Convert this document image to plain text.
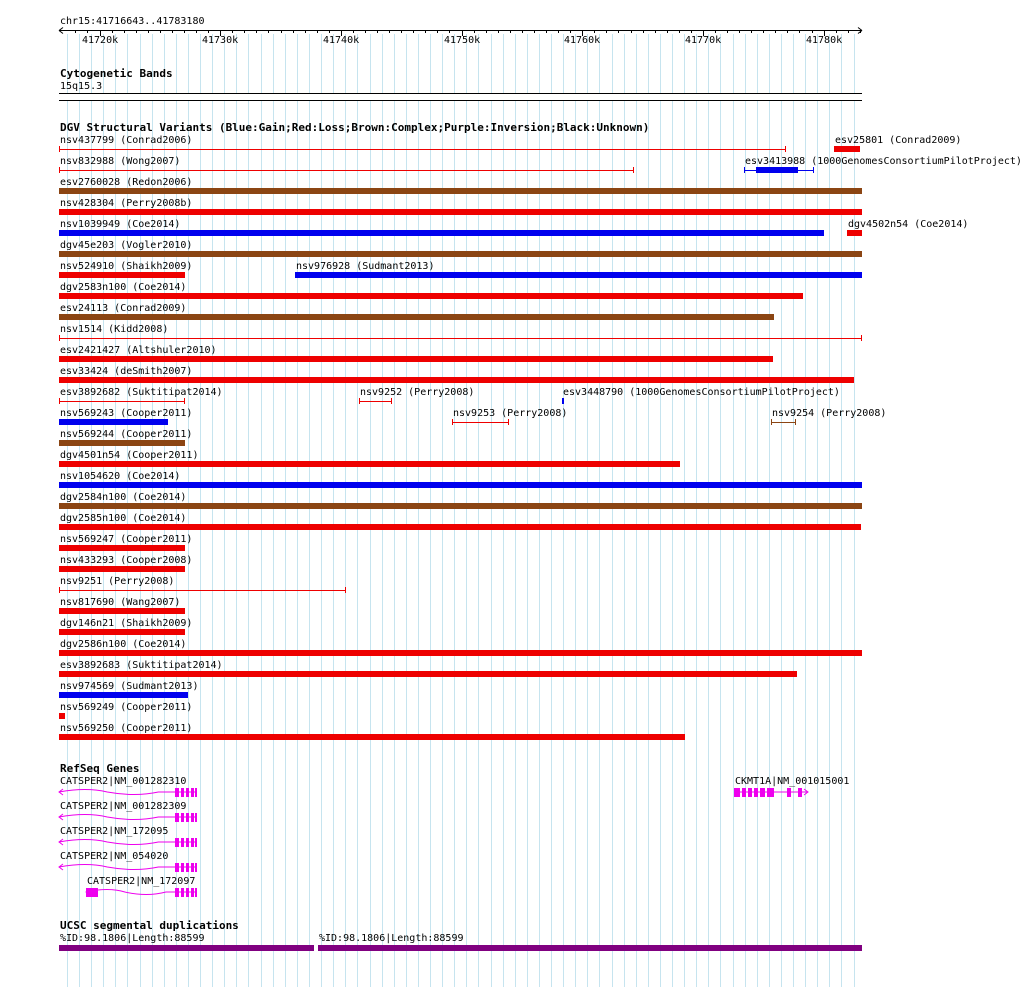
chr15:41716643..41783180
Cytogenetic Bands
15q15.3
DGV Structural Variants (Blue:Gain;Red:Loss;Brown:Complex;Purple:Inversion;Black:Unknown)
nsv437799 (Conrad2006)	esv25801 (Conrad2009)
nsv832988 (Wong2007)	esv3413988 (1000GenomesConsortiumPilotProject)
esv2760028 (Redon2006)
nsv428304 (Perry2008b)
nsv1039949 (Coe2014)	dgv4502n54 (Coe2014)
dgv45e203 (Vogler2010)
nsv524910 (Shaikh2009)	nsv976928 (Sudmant2013)
dgv2583n100 (Coe2014)
esv24113 (Conrad2009)
nsv1514 (Kidd2008)
esv2421427 (Altshuler2010)
esv33424 (deSmith2007)
esv3892682 (Suktitipat2014)	nsv9252 (Perry2008)	esv3448790 (1000GenomesConsortiumPilotProject)
nsv569243 (Cooper2011)	nsv9253 (Perry2008)	nsv9254 (Perry2008)
nsv569244 (Cooper2011)
dgv4501n54 (Cooper2011)
nsv1054620 (Coe2014)
dgv2584n100 (Coe2014)
dgv2585n100 (Coe2014)
nsv569247 (Cooper2011)
nsv433293 (Cooper2008)
nsv9251 (Perry2008)
nsv817690 (Wang2007)
dgv146n21 (Shaikh2009)
dgv2586n100 (Coe2014)
esv3892683 (Suktitipat2014)
nsv974569 (Sudmant2013)
nsv569249 (Cooper2011)
nsv569250 (Cooper2011)
RefSeq Genes
CATSPER2|NM_001282310
CATSPER2|NM_001282309
CATSPER2|NM_172095
CATSPER2|NM_054020
CATSPER2|NM_172097
CKMT1A|NM_001015001
UCSC segmental duplications
%ID:98.1806|Length:88599	%ID:98.1806|Length:88599
41720k	41730k	41740k	41750k	41760k	41770k	41780k
